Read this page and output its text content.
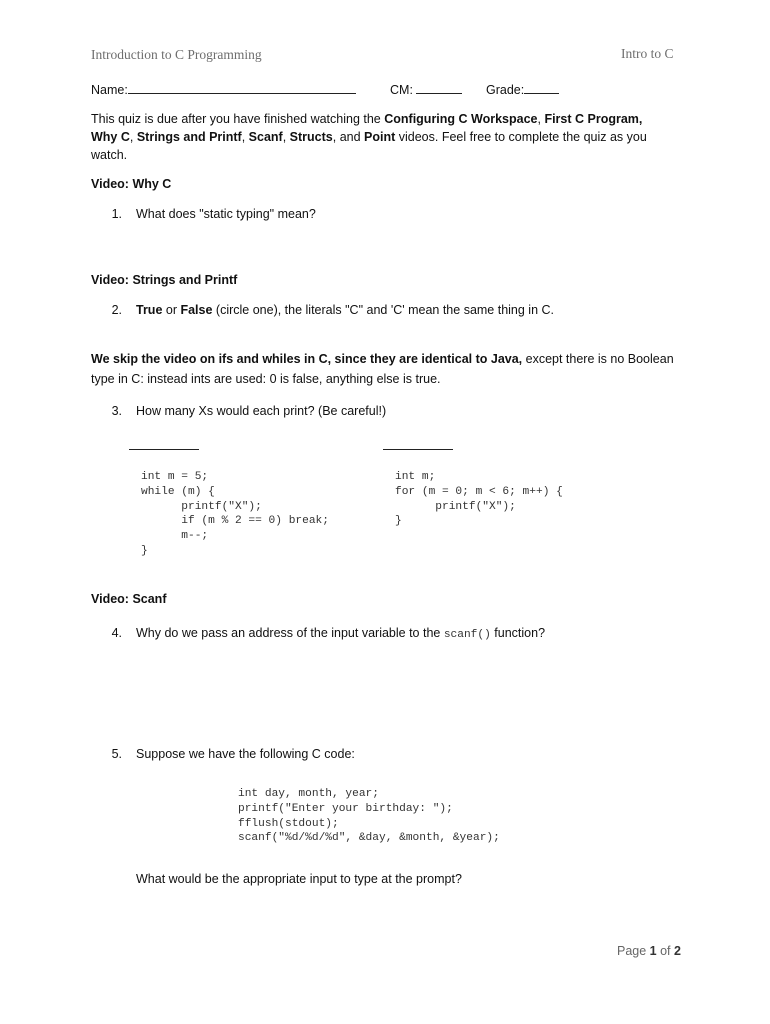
Introduction to C Programming	Intro to C
Name:	CM:	Grade:
This quiz is due after you have finished watching the Configuring C Workspace, First C Program,
Why C, Strings and Printf, Scanf, Structs, and Point videos. Feel free to complete the quiz as you
watch.
Video: Why C
1. What does "static typing" mean?
Video: Strings and Printf
2. True or False (circle one), the literals "C" and 'C' mean the same thing in C.
We skip the video on ifs and whiles in C, since they are identical to Java, except there is no Boolean
type in C: instead ints are used: 0 is false, anything else is true.
3. How many Xs would each print? (Be careful!)
int m = 5;
while (m) {
printf("X");
if (m % 2 == 0) break;
m--;
}
int m;
for (m = 0; m < 6; m++) {
printf("X");
}
Video: Scanf
4. Why do we pass an address of the input variable to the scanf() function?
5. Suppose we have the following C code:
int day, month, year;
printf("Enter your birthday: ");
fflush(stdout);
scanf("%d/%d/%d", &day, &month, &year);
What would be the appropriate input to type at the prompt?
Page 1 of 2
